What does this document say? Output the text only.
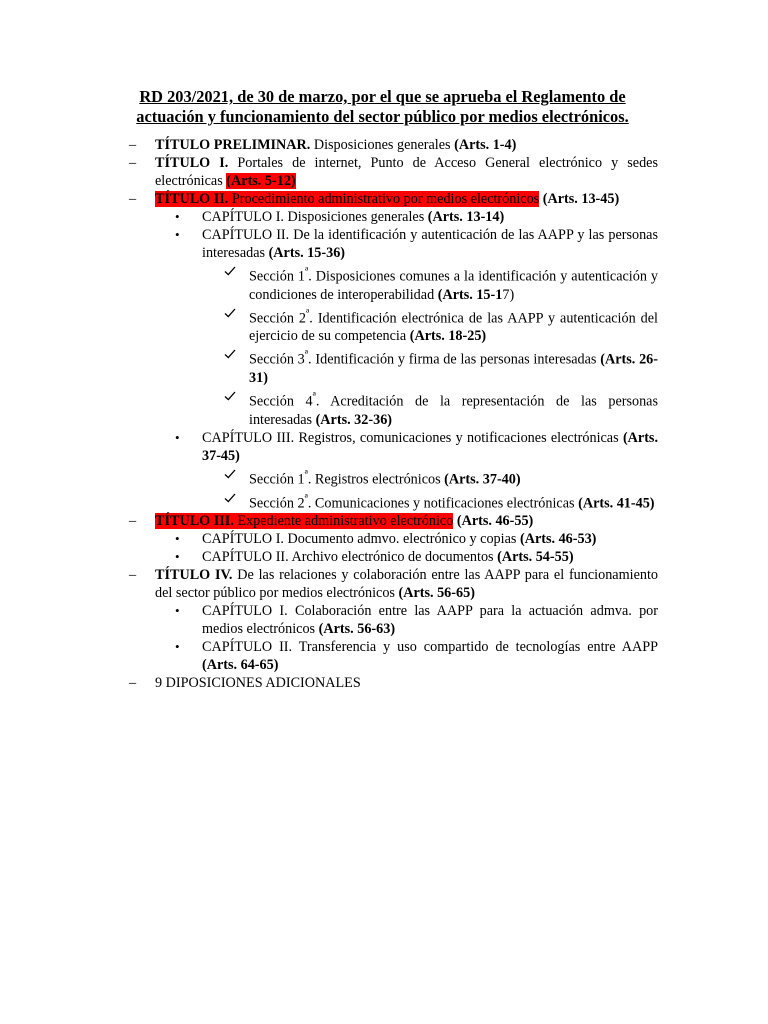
RD 203/2021, de 30 de marzo, por el que se aprueba el Reglamento de actuación y funcionamiento del sector público por medios electrónicos.

– TÍTULO PRELIMINAR. Disposiciones generales (Arts. 1-4)
– TÍTULO I. Portales de internet, Punto de Acceso General electrónico y sedes electrónicas (Arts. 5-12)
– TÍTULO II. Procedimiento administrativo por medios electrónicos (Arts. 13-45)
• CAPÍTULO I. Disposiciones generales (Arts. 13-14)
• CAPÍTULO II. De la identificación y autenticación de las AAPP y las personas interesadas (Arts. 15-36)
Sección $1^ª$. Disposiciones comunes a la identificación y autenticación y condiciones de interoperabilidad (Arts. 15-17)
Sección $2^ª$. Identificación electrónica de las AAPP y autenticación del ejercicio de su competencia (Arts. 18-25)
Sección $3^ª$. Identificación y firma de las personas interesadas (Arts. 26-31)
Sección $4^ª$. Acreditación de la representación de las personas interesadas (Arts. 32-36)
• CAPÍTULO III. Registros, comunicaciones y notificaciones electrónicas (Arts. 37-45)
Sección $1^ª$. Registros electrónicos (Arts. 37-40)
Sección $2^ª$. Comunicaciones y notificaciones electrónicas (Arts. 41-45)
– TÍTULO III. Expediente administrativo electrónico (Arts. 46-55)
• CAPÍTULO I. Documento admvo. electrónico y copias (Arts. 46-53)
• CAPÍTULO II. Archivo electrónico de documentos (Arts. 54-55)
– TÍTULO IV. De las relaciones y colaboración entre las AAPP para el funcionamiento del sector público por medios electrónicos (Arts. 56-65)
• CAPÍTULO I. Colaboración entre las AAPP para la actuación admva. por medios electrónicos (Arts. 56-63)
• CAPÍTULO II. Transferencia y uso compartido de tecnologías entre AAPP (Arts. 64-65)
– 9 DIPOSICIONES ADICIONALES
